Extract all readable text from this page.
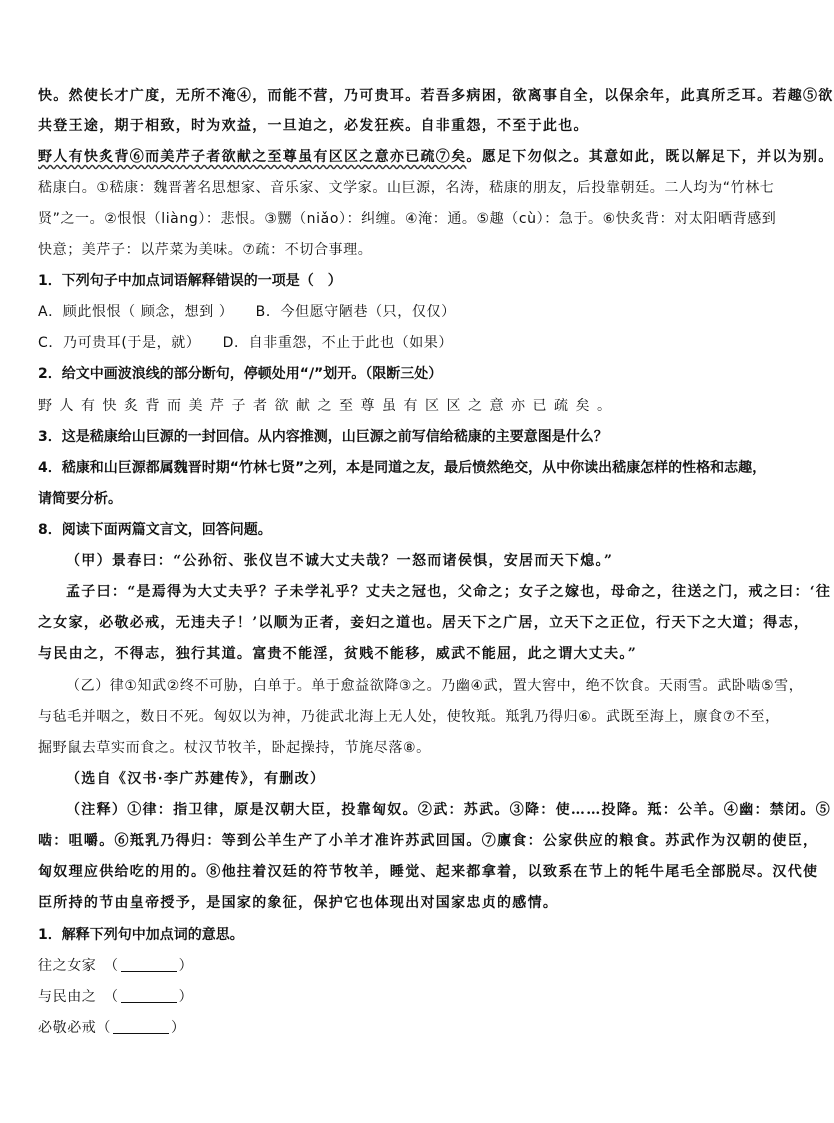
快。然使长才广度，无所不淹④，而能不营，乃可贵耳。若吾多病困，欲离事自全，以保余年，此真所乏耳。若趣⑤欲
共登王途，期于相致，时为欢益，一旦迫之，必发狂疾。自非重怨，不至于此也。
野人有快炙背⑥而美芹子者欲献之至尊虽有区区之意亦已疏⑦矣。愿足下勿似之。其意如此，既以解足下，并以为别。
嵇康白。①嵇康：魏晋著名思想家、音乐家、文学家。山巨源，名涛，嵇康的朋友，后投靠朝廷。二人均为“竹林七
贤”之一。②恨恨（liàng）：悲恨。③嬲（niǎo）：纠缠。④淹：通。⑤趣（cù）：急于。⑥快炙背：对太阳晒背感到
快意；美芹子：以芹菜为美味。⑦疏：不切合事理。
1．下列句子中加点词语解释错误的一项是（　）
A．顾此恨恨（ 顾念，想到 ）　　B．今但愿守陋巷（只，仅仅）
C．乃可贵耳(于是，就）　　D．自非重怨，不止于此也（如果）
2．给文中画波浪线的部分断句，停顿处用“/”划开。（限断三处）
野人有快炙背而美芹子者欲献之至尊虽有区区之意亦已疏矣。
3．这是嵇康给山巨源的一封回信。从内容推测，山巨源之前写信给嵇康的主要意图是什么？
4．嵇康和山巨源都属魏晋时期“竹林七贤”之列，本是同道之友，最后愤然绝交，从中你读出嵇康怎样的性格和志趣，
请简要分析。
8．阅读下面两篇文言文，回答问题。
（甲）景春曰：“公孙衍、张仪岂不诚大丈夫哉？一怒而诸侯惧，安居而天下熄。”
孟子曰：“是焉得为大丈夫乎？子未学礼乎？丈夫之冠也，父命之；女子之嫁也，母命之，往送之门，戒之曰：‘往
之女家，必敬必戒，无违夫子！’以顺为正者，妾妇之道也。居天下之广居，立天下之正位，行天下之大道；得志，
与民由之，不得志，独行其道。富贵不能淫，贫贱不能移，威武不能屈，此之谓大丈夫。”
（乙）律①知武②终不可胁，白单于。单于愈益欲降③之。乃幽④武，置大窖中，绝不饮食。天雨雪。武卧啮⑤雪，
与毡毛并咽之，数日不死。匈奴以为神，乃徙武北海上无人处，使牧羝。羝乳乃得归⑥。武既至海上，廪食⑦不至，
掘野鼠去草实而食之。杖汉节牧羊，卧起操持，节旄尽落⑧。
（选自《汉书·李广苏建传》，有删改）
（注释）①律：指卫律，原是汉朝大臣，投靠匈奴。②武：苏武。③降：使……投降。羝：公羊。④幽：禁闭。⑤
啮：咀嚼。⑥羝乳乃得归：等到公羊生产了小羊才准许苏武回国。⑦廪食：公家供应的粮食。苏武作为汉朝的使臣，
匈奴理应供给吃的用的。⑧他拄着汉廷的符节牧羊，睡觉、起来都拿着，以致系在节上的牦牛尾毛全部脱尽。汉代使
臣所持的节由皇帝授予，是国家的象征，保护它也体现出对国家忠贞的感情。
1．解释下列句中加点词的意思。
往之女家　（	）
与民由之　（	）
必敬必戒（	）
